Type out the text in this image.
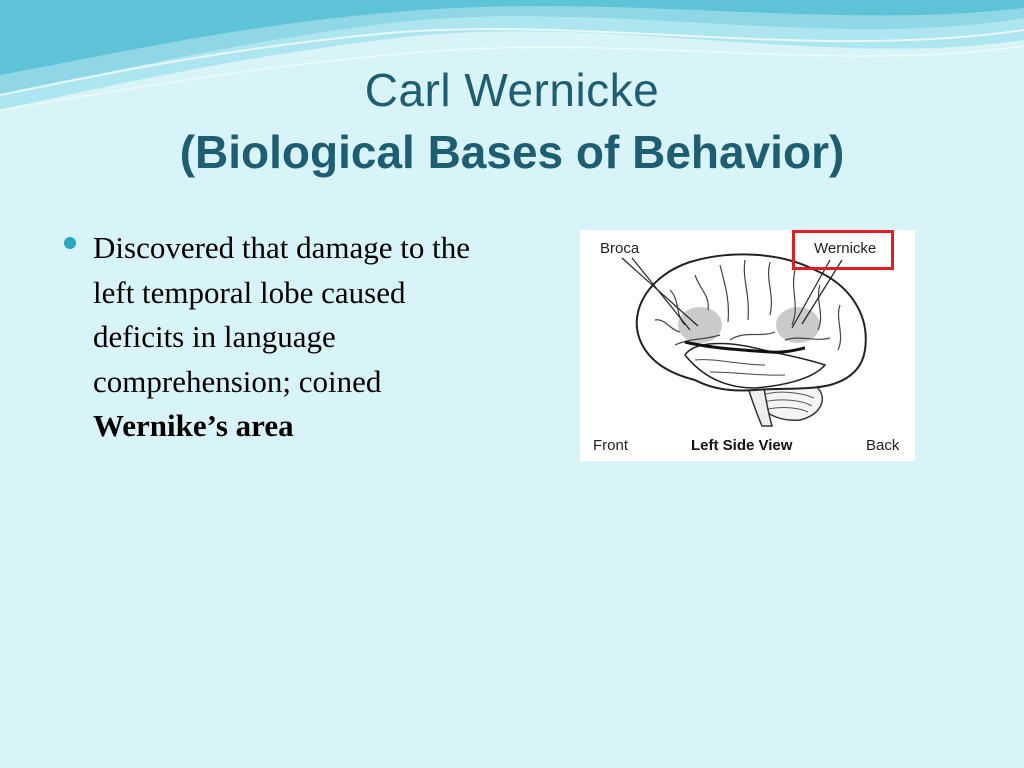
Carl Wernicke
(Biological Bases of Behavior)
Discovered that damage to the left temporal lobe caused deficits in language comprehension; coined Wernike’s area
Broca	Wernicke
Front	Left Side View	Back
